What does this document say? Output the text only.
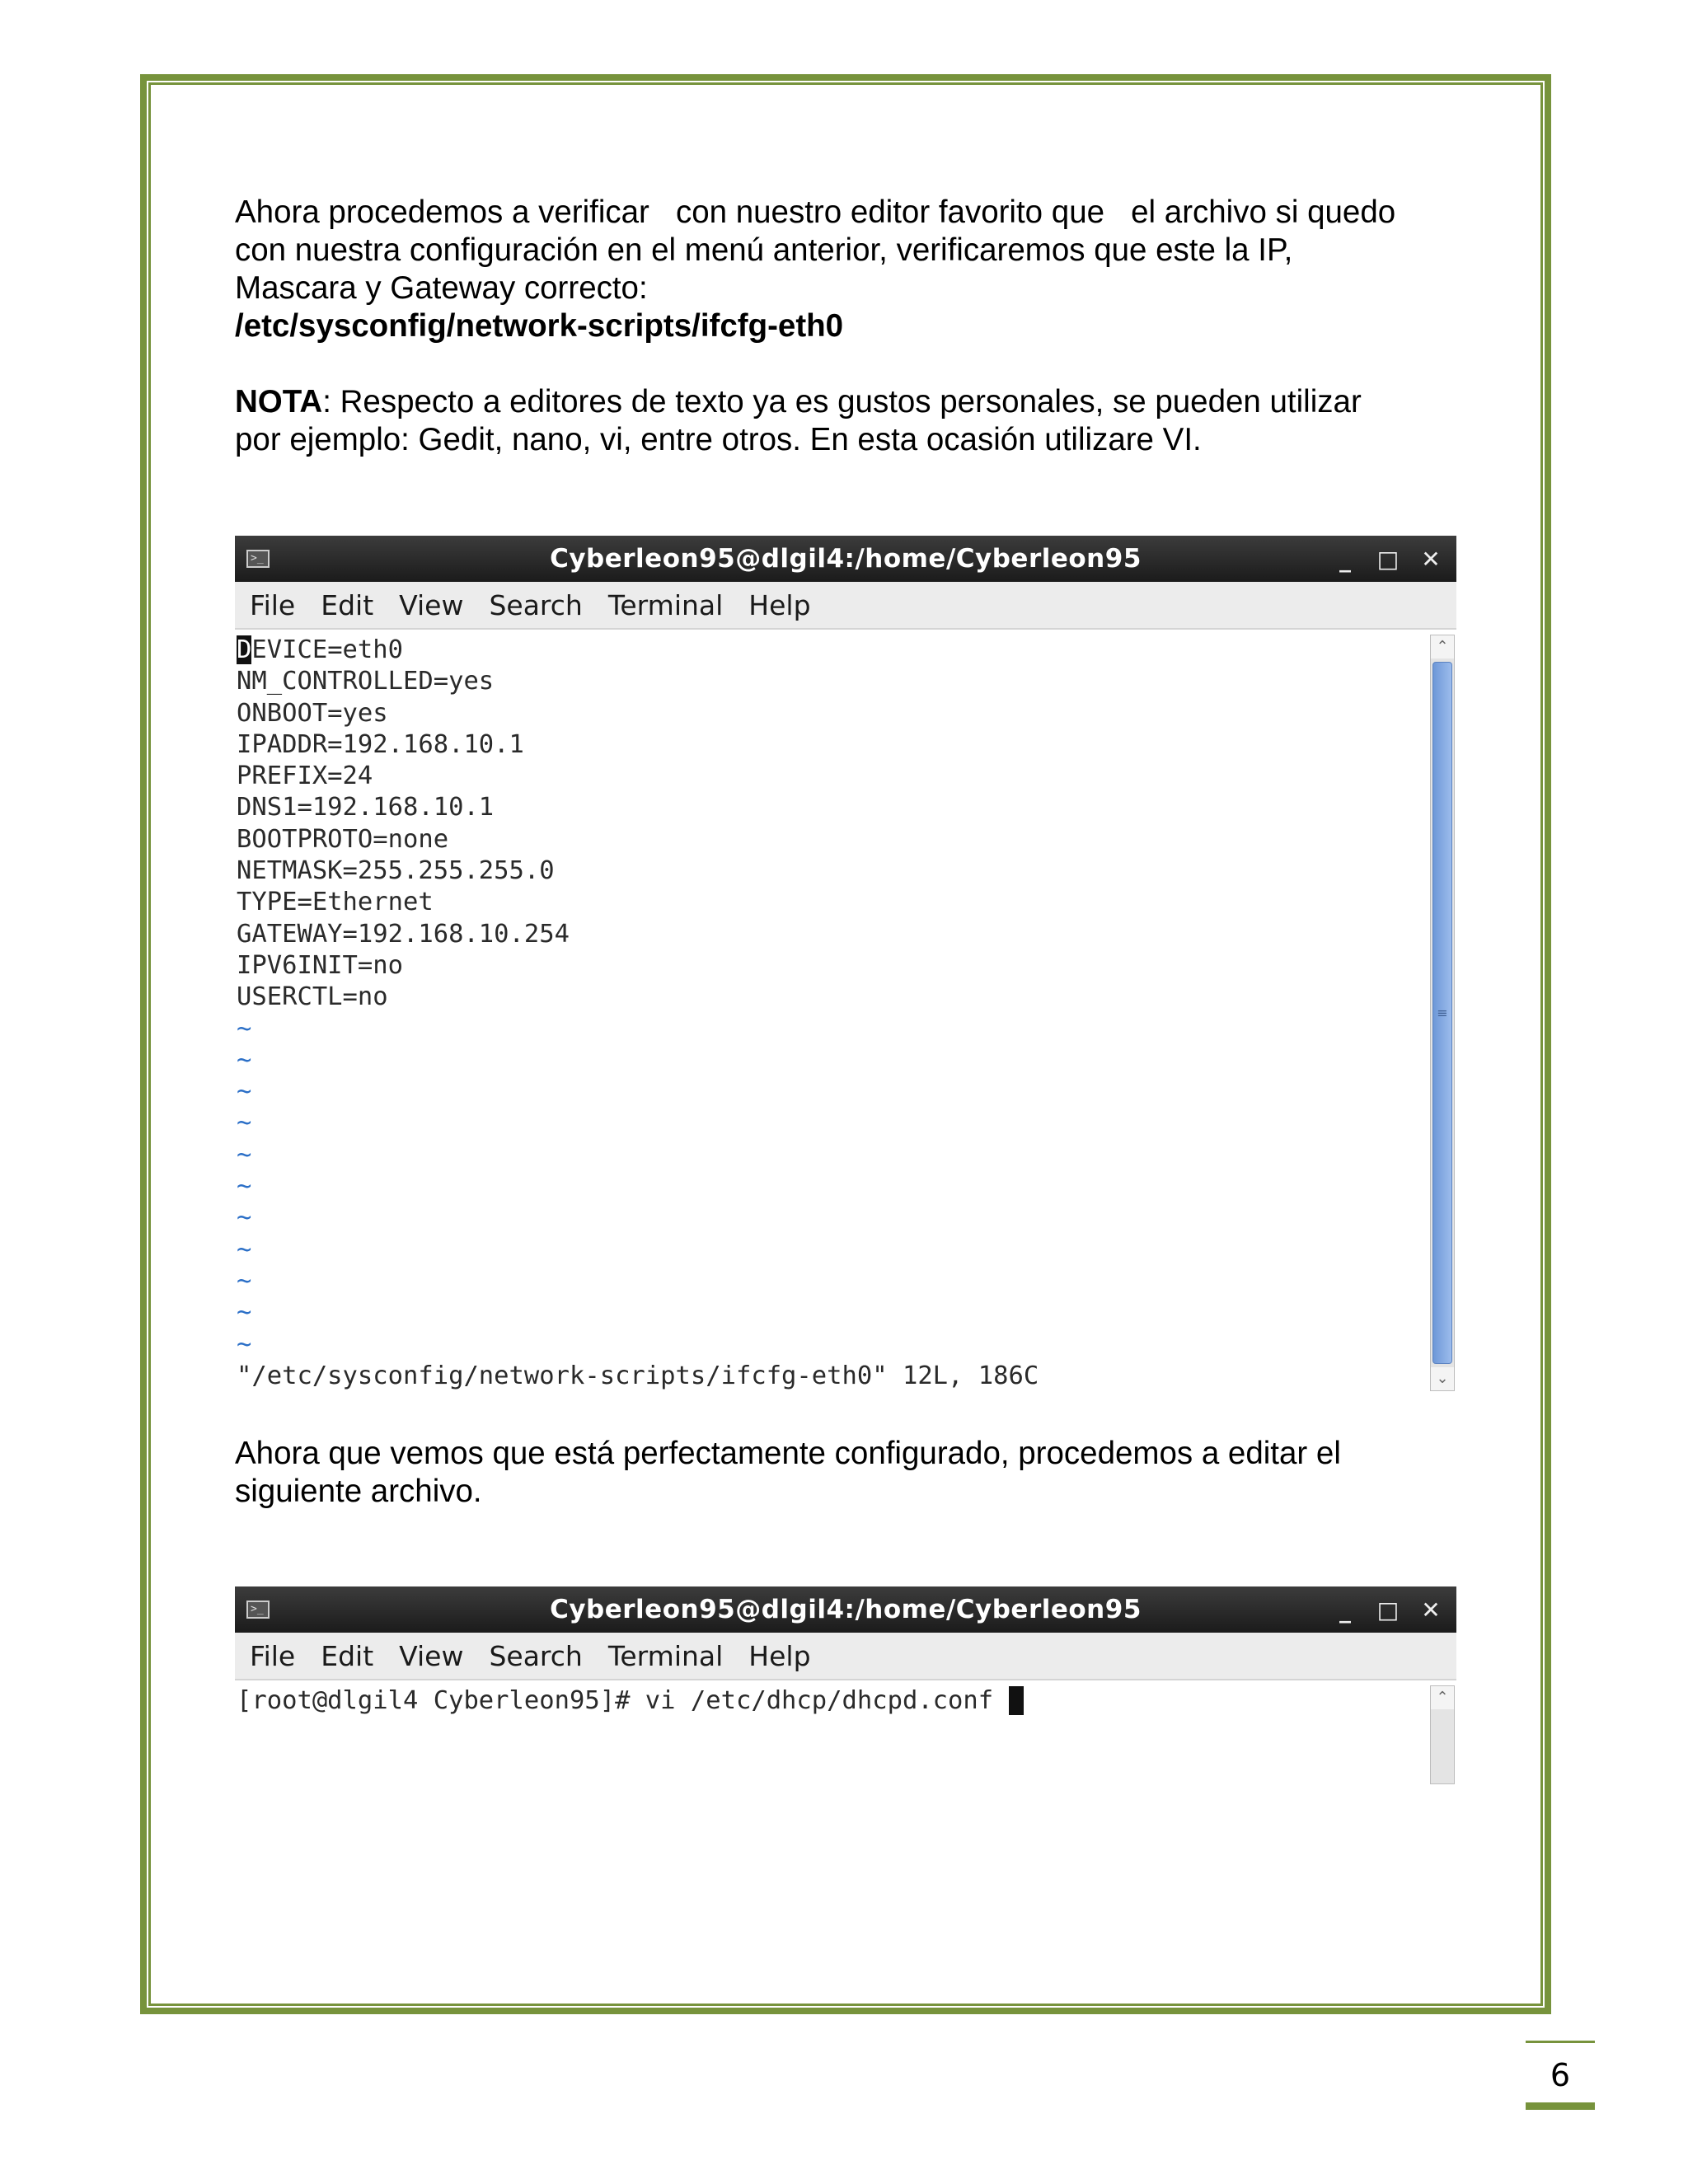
Ahora procedemos a verificar   con nuestro editor favorito que   el archivo si quedo

con nuestra configuración en el menú anterior, verificaremos que este la IP,

Mascara y Gateway correcto:

/etc/sysconfig/network-scripts/ifcfg-eth0

NOTA: Respecto a editores de texto ya es gustos personales, se pueden utilizar

por ejemplo: Gedit, nano, vi, entre otros. En esta ocasión utilizare VI.

>_	Cyberleon95@dlgil4:/home/Cyberleon95	_	□ ✕
File Edit View Search Terminal Help
DEVICE=eth0
NM_CONTROLLED=yes
ONBOOT=yes
IPADDR=192.168.10.1
PREFIX=24
DNS1=192.168.10.1
BOOTPROTO=none
NETMASK=255.255.255.0
TYPE=Ethernet
GATEWAY=192.168.10.254
IPV6INIT=no
USERCTL=no
~
~
~
~
~
~
~
~
~
~
~
"/etc/sysconfig/network-scripts/ifcfg-eth0" 12L, 186C
⌃
≡
⌄

Ahora que vemos que está perfectamente configurado, procedemos a editar el

siguiente archivo.

>_	Cyberleon95@dlgil4:/home/Cyberleon95	_	□ ✕
File Edit View Search Terminal Help
[root@dlgil4 Cyberleon95]# vi /etc/dhcp/dhcpd.conf	⌃
6
